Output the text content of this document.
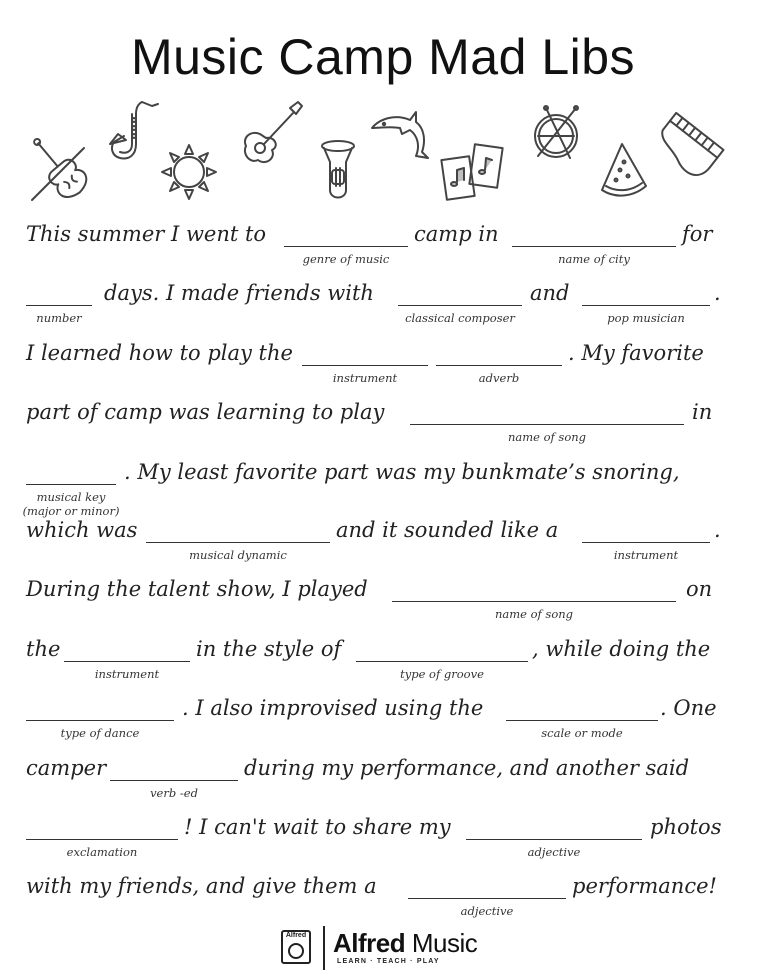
Music Camp Mad Libs
This summer I went to
genre of music
camp in
name of city
for
number
days. I made friends with
classical composer
and
pop musician
.
I learned how to play the
instrument	adverb
. My favorite
part of camp was learning to play
name of song
in
musical key
(major or minor)
. My least favorite part was my bunkmate’s snoring,
which was
musical dynamic
and it sounded like a
instrument
.
During the talent show, I played
name of song
on
the
instrument
in the style of
type of groove
, while doing the
type of dance
. I also improvised using the
scale or mode
. One
camper
verb -ed
during my performance, and another said
exclamation
! I can't wait to share my
adjective
photos
with my friends, and give them a
adjective
performance!
Alfred Alfred Music
LEARN · TEACH · PLAY
